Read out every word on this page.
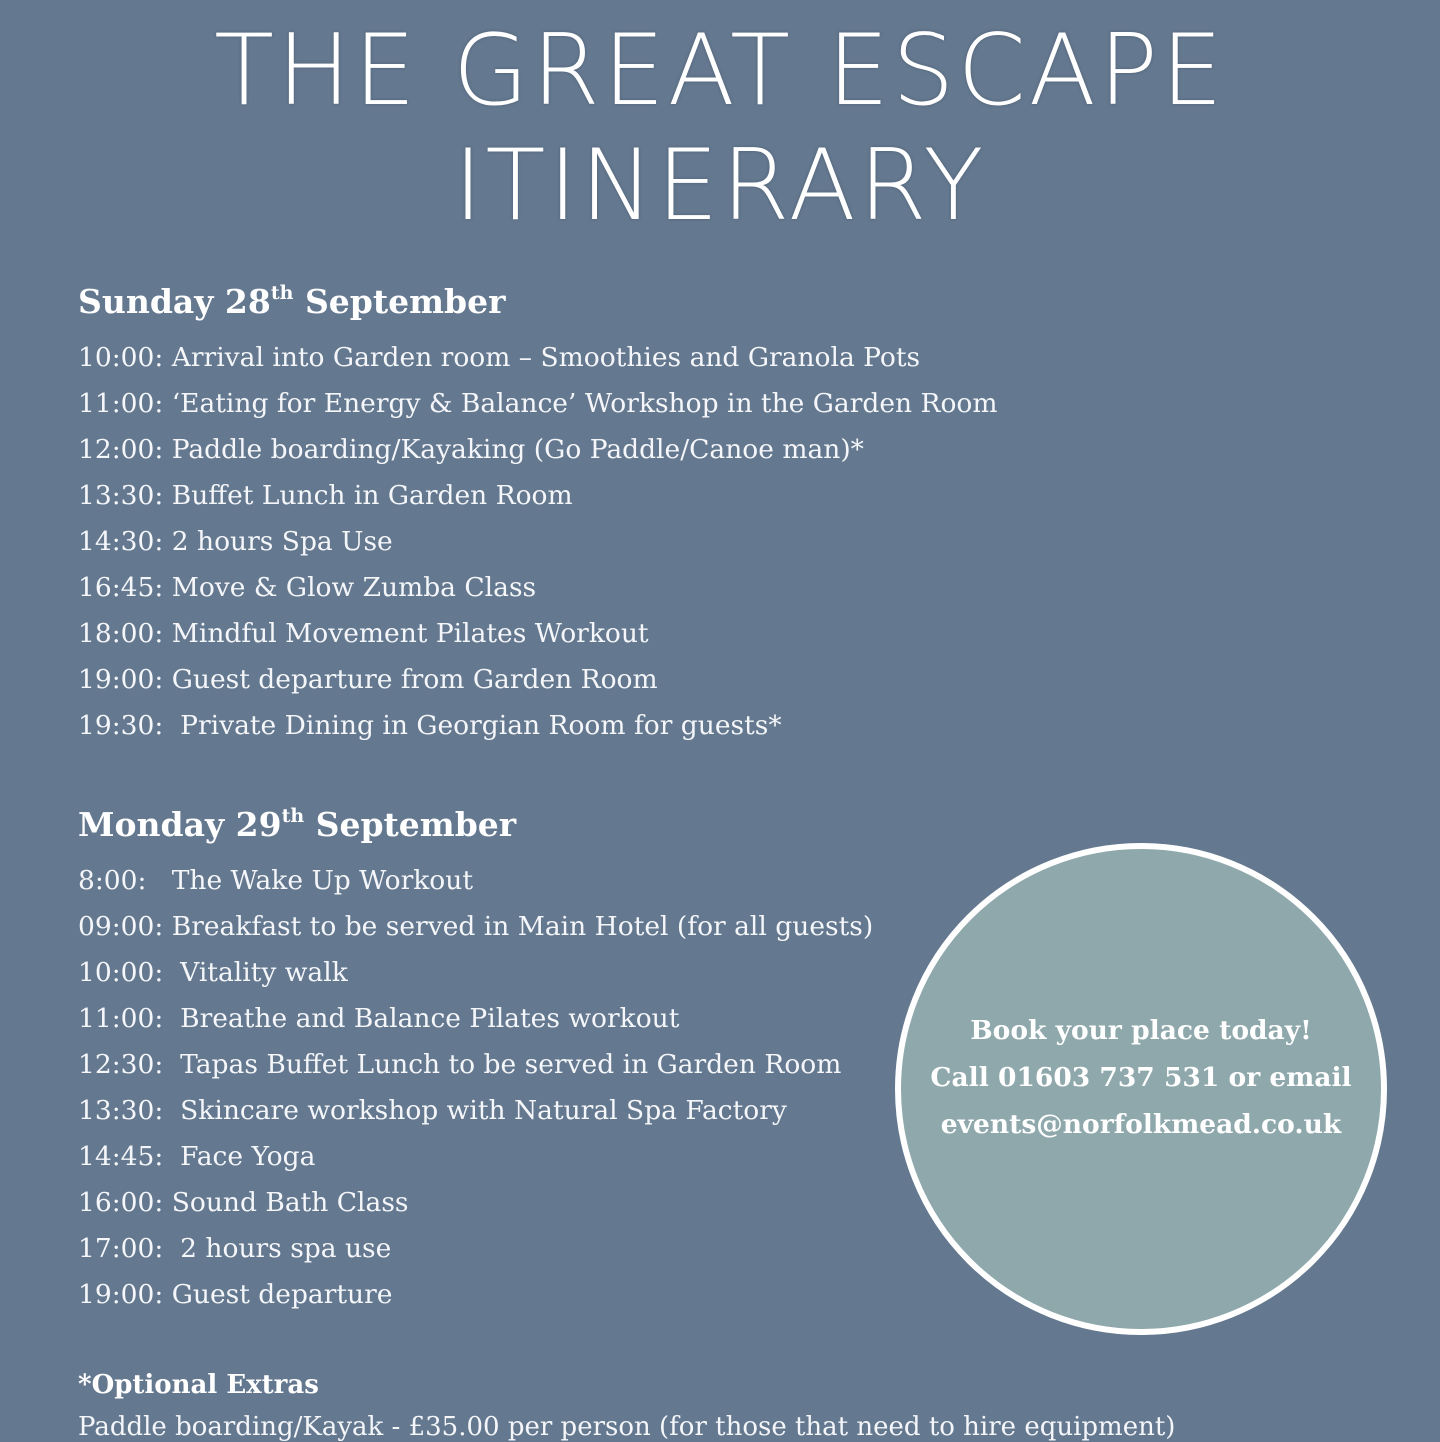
THE GREAT ESCAPE
ITINERARY
Sunday 28th September
10:00: Arrival into Garden room – Smoothies and Granola Pots
11:00: ‘Eating for Energy & Balance’ Workshop in the Garden Room
12:00: Paddle boarding/Kayaking (Go Paddle/Canoe man)*
13:30: Buffet Lunch in Garden Room
14:30: 2 hours Spa Use
16:45: Move & Glow Zumba Class
18:00: Mindful Movement Pilates Workout
19:00: Guest departure from Garden Room
19:30:  Private Dining in Georgian Room for guests*
Monday 29th September
8:00:   The Wake Up Workout
09:00: Breakfast to be served in Main Hotel (for all guests)
10:00:  Vitality walk
11:00:  Breathe and Balance Pilates workout
12:30:  Tapas Buffet Lunch to be served in Garden Room
13:30:  Skincare workshop with Natural Spa Factory
14:45:  Face Yoga
16:00: Sound Bath Class
17:00:  2 hours spa use
19:00: Guest departure
Book your place today!
Call 01603 737 531 or email
events@norfolkmead.co.uk
*Optional Extras
Paddle boarding/Kayak - £35.00 per person (for those that need to hire equipment)
